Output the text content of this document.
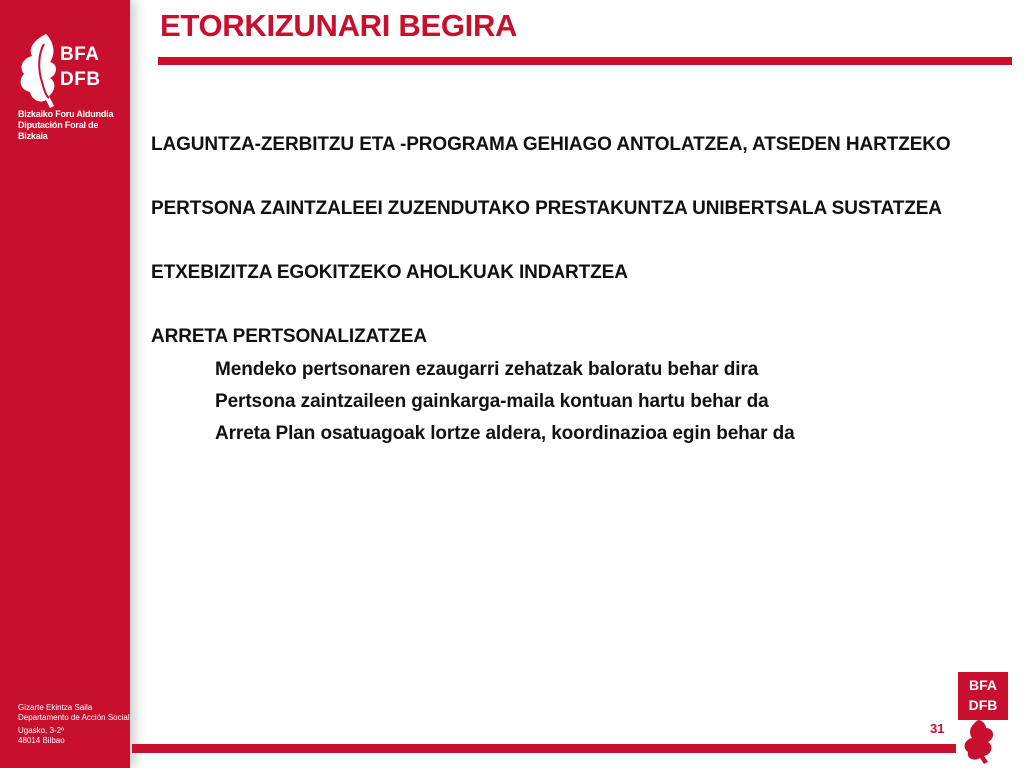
BFA
DFB
Bizkaiko Foru Aldundia
Diputación Foral de Bizkaia
Gizarte Ekintza Saila
Departamento de Acción Social
Ugasko, 3-2º
48014 Bilbao
ETORKIZUNARI BEGIRA
LAGUNTZA-ZERBITZU ETA -PROGRAMA GEHIAGO ANTOLATZEA, ATSEDEN HARTZEKO
PERTSONA ZAINTZALEEI ZUZENDUTAKO PRESTAKUNTZA UNIBERTSALA SUSTATZEA
ETXEBIZITZA EGOKITZEKO AHOLKUAK INDARTZEA
ARRETA PERTSONALIZATZEA
Mendeko pertsonaren ezaugarri zehatzak baloratu behar dira
Pertsona zaintzaileen gainkarga-maila kontuan hartu behar da
Arreta Plan osatuagoak lortze aldera, koordinazioa egin behar da
31
BFA
DFB
